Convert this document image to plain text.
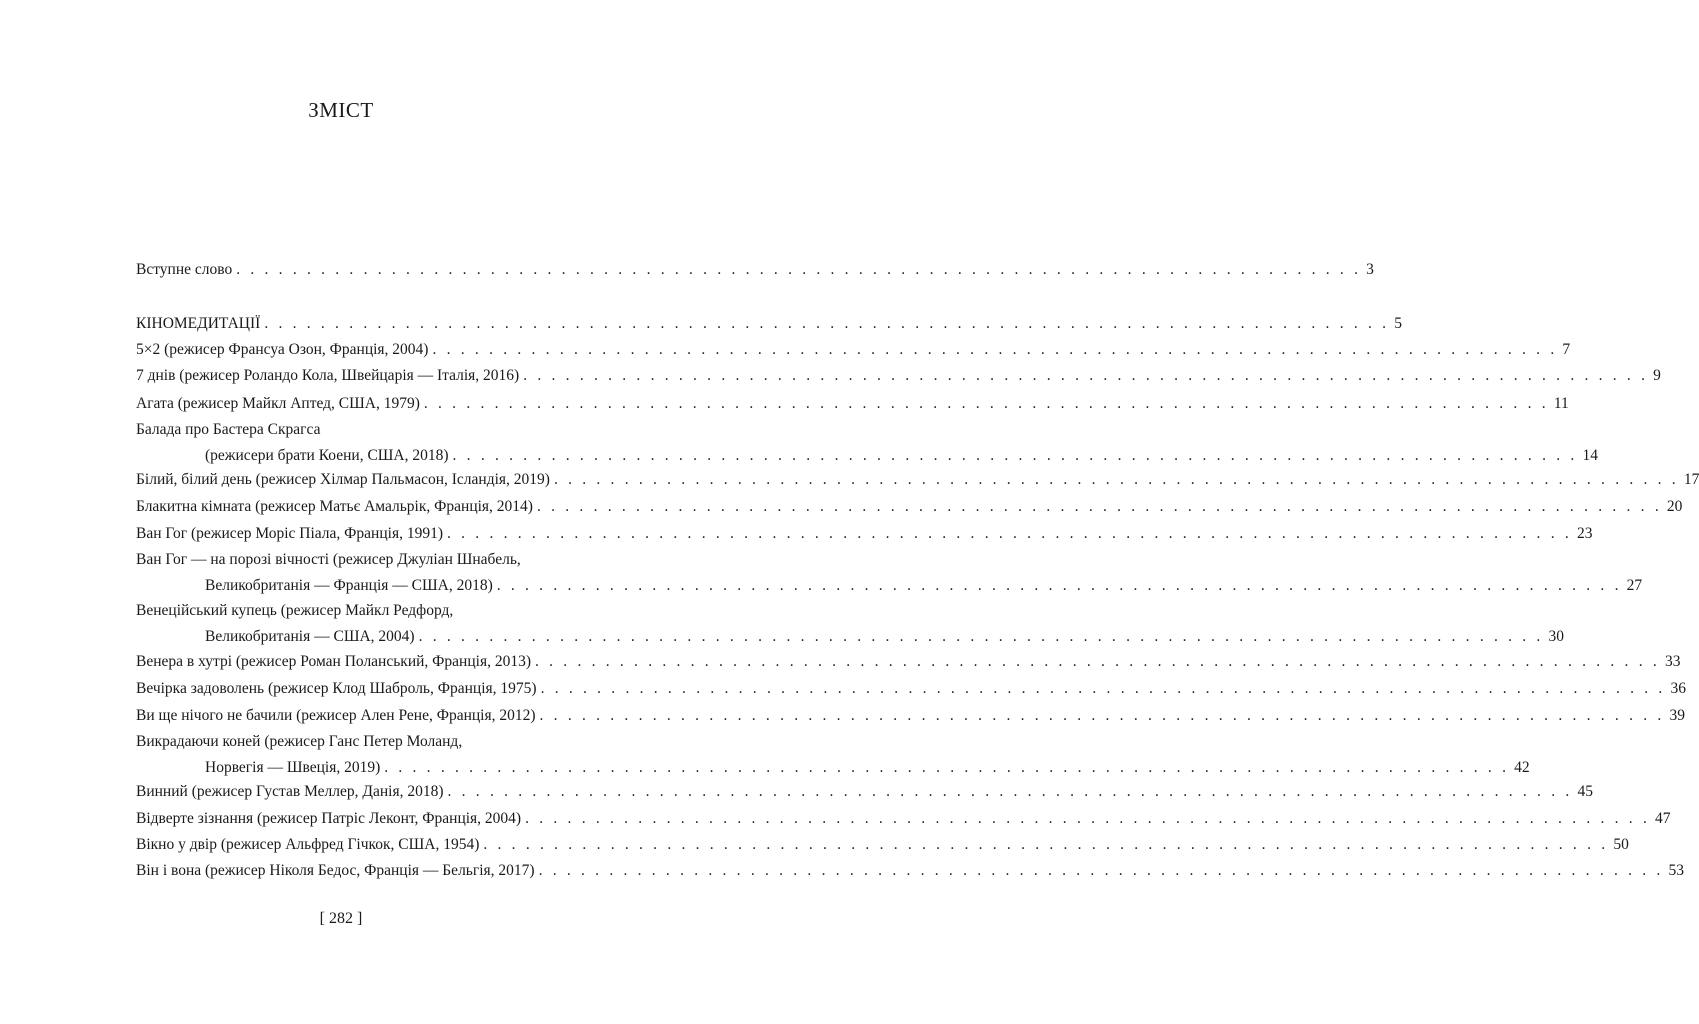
ЗМІСТ
Вступне слово . . . . . . . . . . . . . . . . . . . . . . . . . . . . . . . . . . . . . . . . . . . . . . . . . . . . . . . . . . . . . . . . . . . . . . . . . . . . . . . . 3
КІНОМЕДИТАЦІЇ . . . . . . . . . . . . . . . . . . . . . . . . . . . . . . . . . . . . . . . . . . . . . . . . . . . . . . . . . . . . . . . . . . . . . . . . . . . . . . . . 5
5×2 (режисер Франсуа Озон, Франція, 2004) . . . . . . . . . . . . . . . . . . . . . . . . . . . . . . . . . . . . . . . . . . . . . . . . . . . . . . . . . . . . . . . . . . . . . . . . . . . . . . . . 7
7 днів (режисер Роландо Кола, Швейцарія — Італія, 2016) . . . . . . . . . . . . . . . . . . . . . . . . . . . . . . . . . . . . . . . . . . . . . . . . . . . . . . . . . . . . . . . . . . . . . . . . . . . . . . . . 9
Агата (режисер Майкл Аптед, США, 1979) . . . . . . . . . . . . . . . . . . . . . . . . . . . . . . . . . . . . . . . . . . . . . . . . . . . . . . . . . . . . . . . . . . . . . . . . . . . . . . . . 11
Балада про Бастера Скрагса
(режисери брати Коени, США, 2018) . . . . . . . . . . . . . . . . . . . . . . . . . . . . . . . . . . . . . . . . . . . . . . . . . . . . . . . . . . . . . . . . . . . . . . . . . . . . . . . . 14
Білий, білий день (режисер Хілмар Пальмасон, Ісландія, 2019) . . . . . . . . . . . . . . . . . . . . . . . . . . . . . . . . . . . . . . . . . . . . . . . . . . . . . . . . . . . . . . . . . . . . . . . . . . . . . . . . 17
Блакитна кімната (режисер Матьє Амальрік, Франція, 2014) . . . . . . . . . . . . . . . . . . . . . . . . . . . . . . . . . . . . . . . . . . . . . . . . . . . . . . . . . . . . . . . . . . . . . . . . . . . . . . . . 20
Ван Гог (режисер Моріс Піала, Франція, 1991) . . . . . . . . . . . . . . . . . . . . . . . . . . . . . . . . . . . . . . . . . . . . . . . . . . . . . . . . . . . . . . . . . . . . . . . . . . . . . . . . 23
Ван Гог — на порозі вічності (режисер Джуліан Шнабель,
Великобританія — Франція — США, 2018) . . . . . . . . . . . . . . . . . . . . . . . . . . . . . . . . . . . . . . . . . . . . . . . . . . . . . . . . . . . . . . . . . . . . . . . . . . . . . . . . 27
Венеційський купець (режисер Майкл Редфорд,
Великобританія — США, 2004) . . . . . . . . . . . . . . . . . . . . . . . . . . . . . . . . . . . . . . . . . . . . . . . . . . . . . . . . . . . . . . . . . . . . . . . . . . . . . . . . 30
Венера в хутрі (режисер Роман Поланський, Франція, 2013) . . . . . . . . . . . . . . . . . . . . . . . . . . . . . . . . . . . . . . . . . . . . . . . . . . . . . . . . . . . . . . . . . . . . . . . . . . . . . . . . 33
Вечірка задоволень (режисер Клод Шаброль, Франція, 1975) . . . . . . . . . . . . . . . . . . . . . . . . . . . . . . . . . . . . . . . . . . . . . . . . . . . . . . . . . . . . . . . . . . . . . . . . . . . . . . . . 36
Ви ще нічого не бачили (режисер Ален Рене, Франція, 2012) . . . . . . . . . . . . . . . . . . . . . . . . . . . . . . . . . . . . . . . . . . . . . . . . . . . . . . . . . . . . . . . . . . . . . . . . . . . . . . . . 39
Викрадаючи коней (режисер Ганс Петер Моланд,
Норвегія — Швеція, 2019) . . . . . . . . . . . . . . . . . . . . . . . . . . . . . . . . . . . . . . . . . . . . . . . . . . . . . . . . . . . . . . . . . . . . . . . . . . . . . . . . 42
Винний (режисер Густав Меллер, Данія, 2018) . . . . . . . . . . . . . . . . . . . . . . . . . . . . . . . . . . . . . . . . . . . . . . . . . . . . . . . . . . . . . . . . . . . . . . . . . . . . . . . . 45
Відверте зізнання (режисер Патріс Леконт, Франція, 2004) . . . . . . . . . . . . . . . . . . . . . . . . . . . . . . . . . . . . . . . . . . . . . . . . . . . . . . . . . . . . . . . . . . . . . . . . . . . . . . . . 47
Вікно у двір (режисер Альфред Гічкок, США, 1954) . . . . . . . . . . . . . . . . . . . . . . . . . . . . . . . . . . . . . . . . . . . . . . . . . . . . . . . . . . . . . . . . . . . . . . . . . . . . . . . . 50
Він і вона (режисер Ніколя Бедос, Франція — Бельгія, 2017) . . . . . . . . . . . . . . . . . . . . . . . . . . . . . . . . . . . . . . . . . . . . . . . . . . . . . . . . . . . . . . . . . . . . . . . . . . . . . . . . 53
[ 282 ]
